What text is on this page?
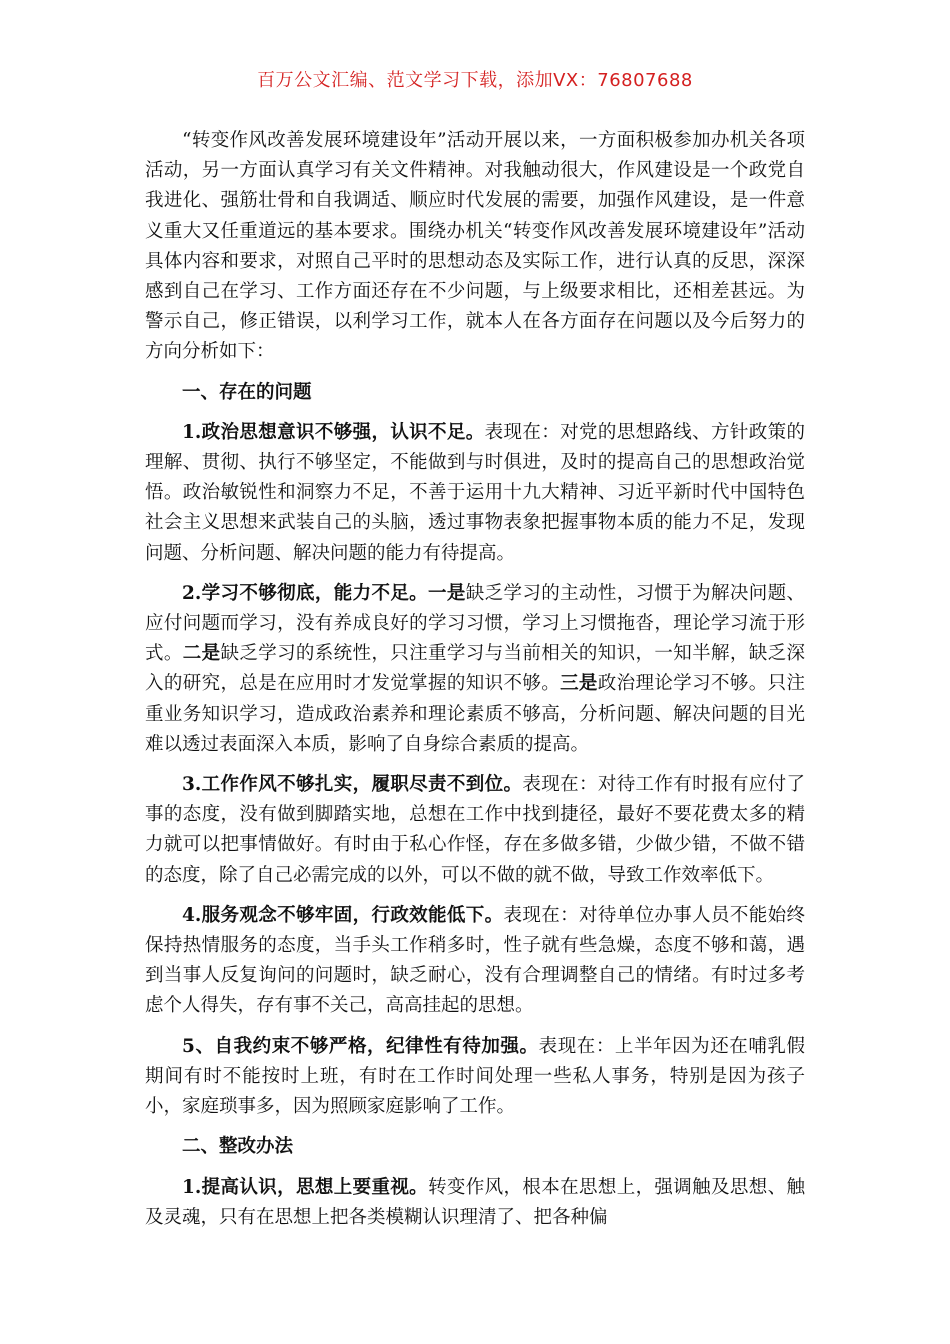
百万公文汇编、范文学习下载，添加VX：76807688

“转变作风改善发展环境建设年”活动开展以来，一方面积极参加办机关各项活动，另一方面认真学习有关文件精神。对我触动很大，作风建设是一个政党自我进化、强筋壮骨和自我调适、顺应时代发展的需要，加强作风建设，是一件意义重大又任重道远的基本要求。围绕办机关“转变作风改善发展环境建设年”活动具体内容和要求，对照自己平时的思想动态及实际工作，进行认真的反思，深深感到自己在学习、工作方面还存在不少问题，与上级要求相比，还相差甚远。为警示自己，修正错误，以利学习工作，就本人在各方面存在问题以及今后努力的方向分析如下：

一、存在的问题

1.政治思想意识不够强，认识不足。表现在：对党的思想路线、方针政策的理解、贯彻、执行不够坚定，不能做到与时俱进，及时的提高自己的思想政治觉悟。政治敏锐性和洞察力不足，不善于运用十九大精神、习近平新时代中国特色社会主义思想来武装自己的头脑，透过事物表象把握事物本质的能力不足，发现问题、分析问题、解决问题的能力有待提高。

2.学习不够彻底，能力不足。一是缺乏学习的主动性，习惯于为解决问题、应付问题而学习，没有养成良好的学习习惯，学习上习惯拖沓，理论学习流于形式。二是缺乏学习的系统性，只注重学习与当前相关的知识，一知半解，缺乏深入的研究，总是在应用时才发觉掌握的知识不够。三是政治理论学习不够。只注重业务知识学习，造成政治素养和理论素质不够高，分析问题、解决问题的目光难以透过表面深入本质，影响了自身综合素质的提高。

3.工作作风不够扎实，履职尽责不到位。表现在：对待工作有时报有应付了事的态度，没有做到脚踏实地，总想在工作中找到捷径，最好不要花费太多的精力就可以把事情做好。有时由于私心作怪，存在多做多错，少做少错，不做不错的态度，除了自己必需完成的以外，可以不做的就不做，导致工作效率低下。

4.服务观念不够牢固，行政效能低下。表现在：对待单位办事人员不能始终保持热情服务的态度，当手头工作稍多时，性子就有些急燥，态度不够和蔼，遇到当事人反复询问的问题时，缺乏耐心，没有合理调整自己的情绪。有时过多考虑个人得失，存有事不关己，高高挂起的思想。

5、自我约束不够严格，纪律性有待加强。表现在：上半年因为还在哺乳假期间有时不能按时上班，有时在工作时间处理一些私人事务，特别是因为孩子小，家庭琐事多，因为照顾家庭影响了工作。

二、整改办法

1.提高认识，思想上要重视。转变作风，根本在思想上，强调触及思想、触及灵魂，只有在思想上把各类模糊认识理清了、把各种偏
